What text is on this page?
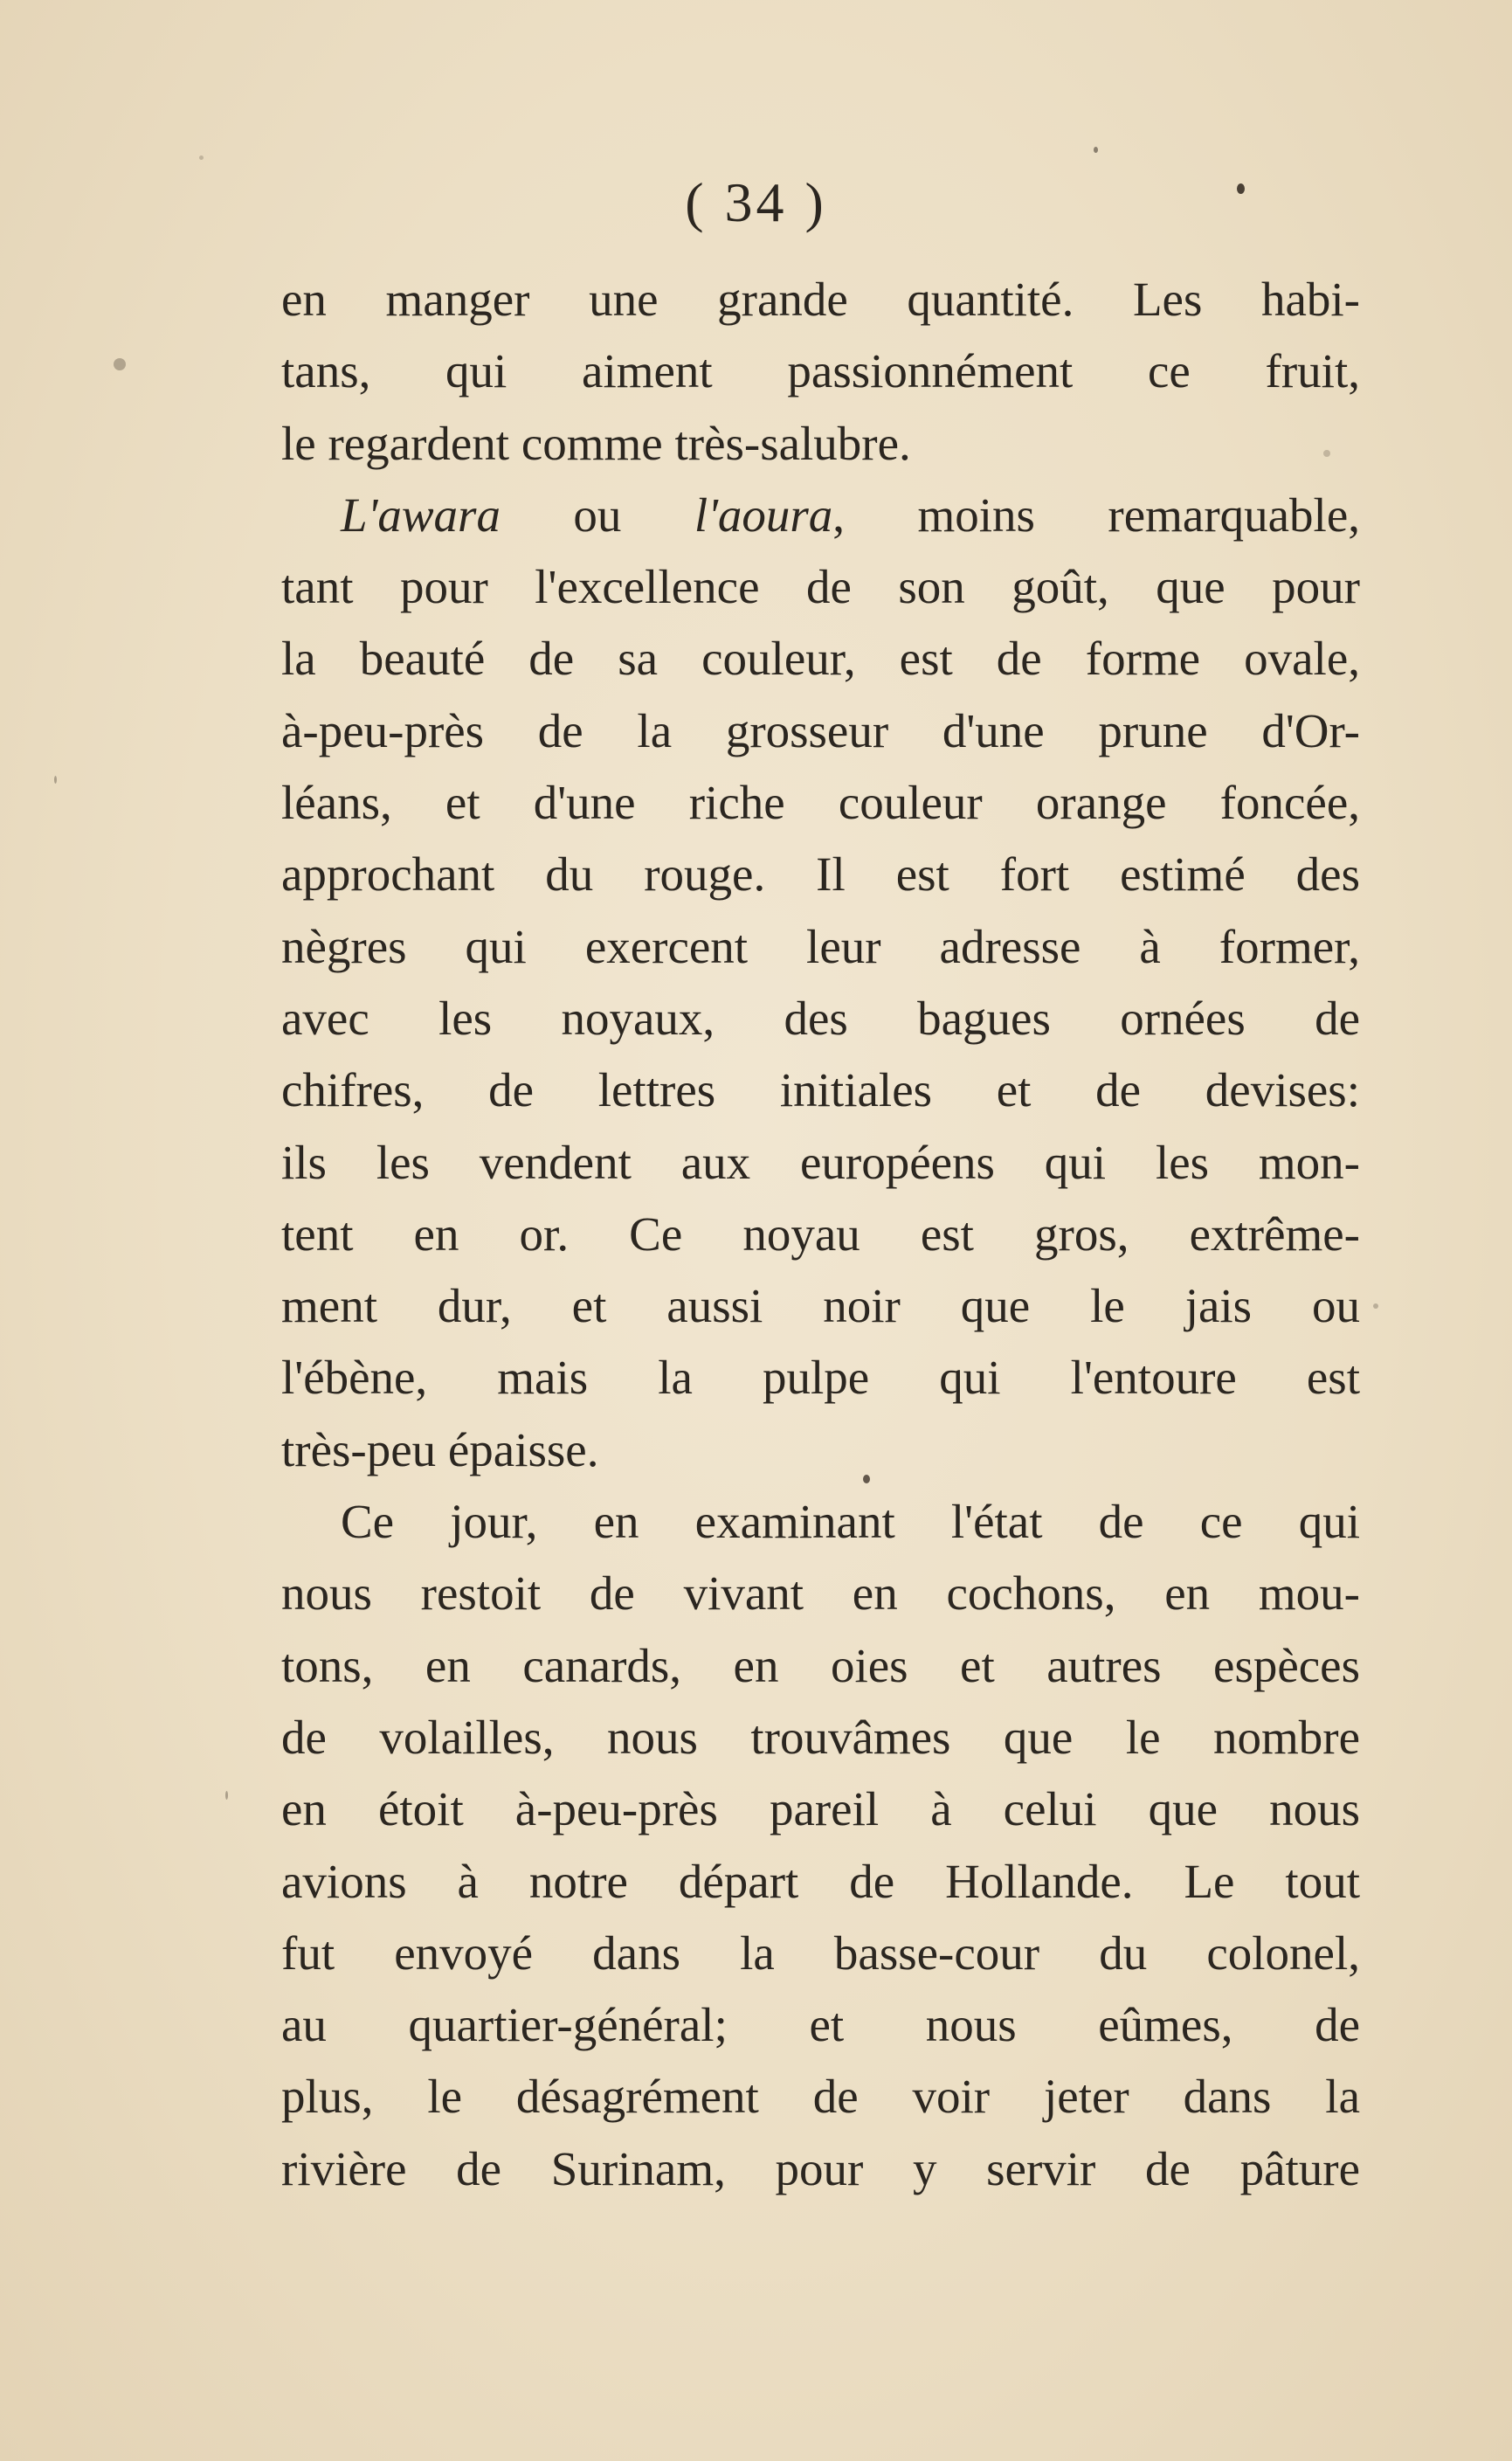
( 34 )
en manger une grande quantité. Les habi-
tans, qui aiment passionnément ce fruit,
le regardent comme très-salubre.
L'awara ou l'aoura, moins remarquable,
tant pour l'excellence de son goût, que pour
la beauté de sa couleur, est de forme ovale,
à-peu-près de la grosseur d'une prune d'Or-
léans, et d'une riche couleur orange foncée,
approchant du rouge. Il est fort estimé des
nègres qui exercent leur adresse à former,
avec les noyaux, des bagues ornées de
chifres, de lettres initiales et de devises:
ils les vendent aux européens qui les mon-
tent en or. Ce noyau est gros, extrême-
ment dur, et aussi noir que le jais ou
l'ébène, mais la pulpe qui l'entoure est
très-peu épaisse.
Ce jour, en examinant l'état de ce qui
nous restoit de vivant en cochons, en mou-
tons, en canards, en oies et autres espèces
de volailles, nous trouvâmes que le nombre
en étoit à-peu-près pareil à celui que nous
avions à notre départ de Hollande. Le tout
fut envoyé dans la basse-cour du colonel,
au quartier-général; et nous eûmes, de
plus, le désagrément de voir jeter dans la
rivière de Surinam, pour y servir de pâture
